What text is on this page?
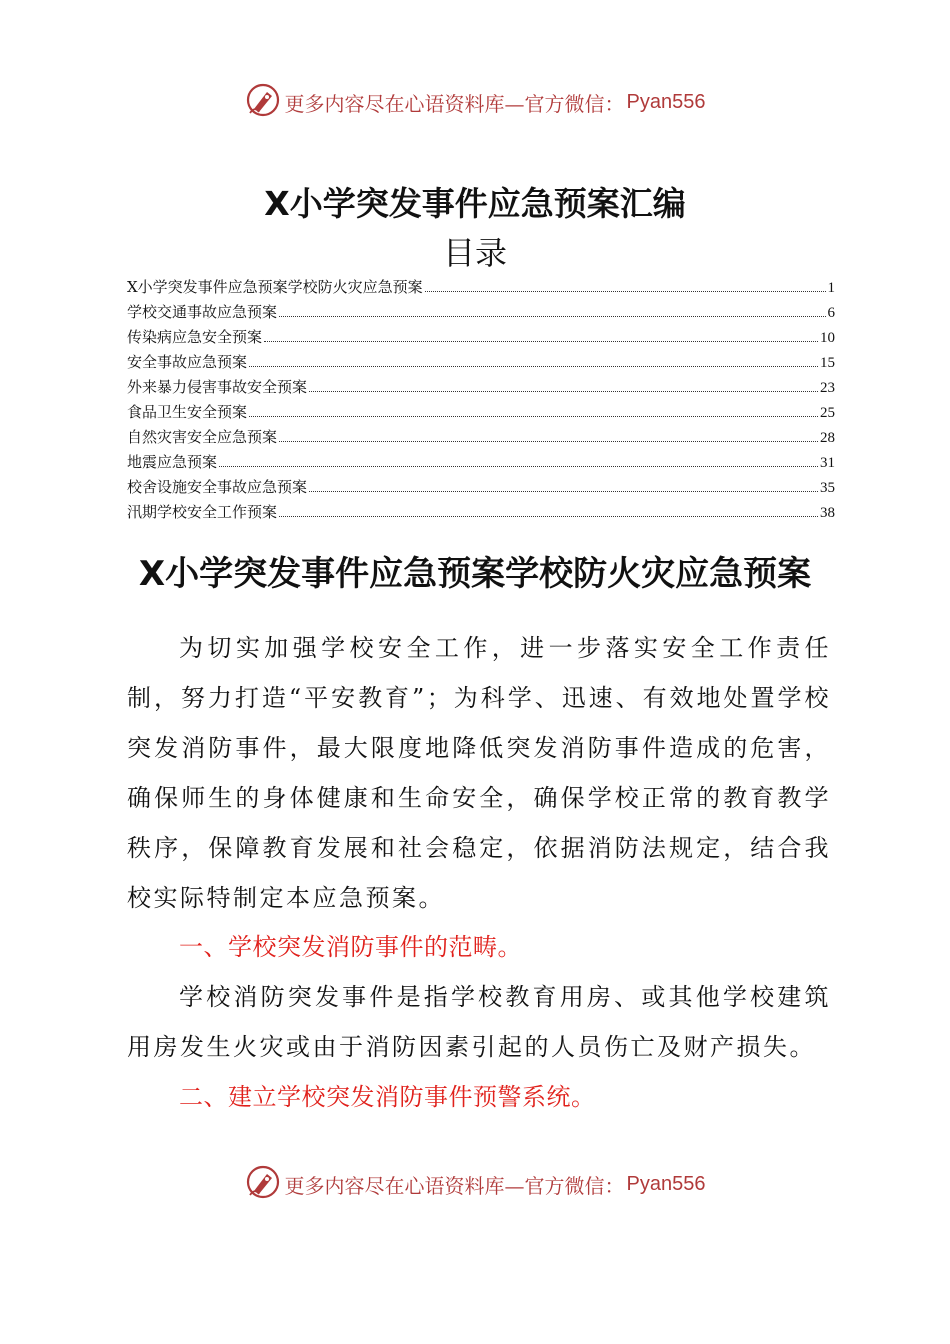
更多内容尽在心语资料库—官方微信： Pyan556
X小学突发事件应急预案汇编
目录
X小学突发事件应急预案学校防火灾应急预案	1
学校交通事故应急预案	6
传染病应急安全预案	10
安全事故应急预案	15
外来暴力侵害事故安全预案	23
食品卫生安全预案	25
自然灾害安全应急预案	28
地震应急预案	31
校舍设施安全事故应急预案	35
汛期学校安全工作预案	38
X小学突发事件应急预案学校防火灾应急预案
为切实加强学校安全工作，进一步落实安全工作责任制，努力打造“平安教育”；为科学、迅速、有效地处置学校突发消防事件，最大限度地降低突发消防事件造成的危害，确保师生的身体健康和生命安全，确保学校正常的教育教学秩序，保障教育发展和社会稳定，依据消防法规定，结合我校实际特制定本应急预案。
一、学校突发消防事件的范畴。
学校消防突发事件是指学校教育用房、或其他学校建筑用房发生火灾或由于消防因素引起的人员伤亡及财产损失。
二、建立学校突发消防事件预警系统。
更多内容尽在心语资料库—官方微信： Pyan556
